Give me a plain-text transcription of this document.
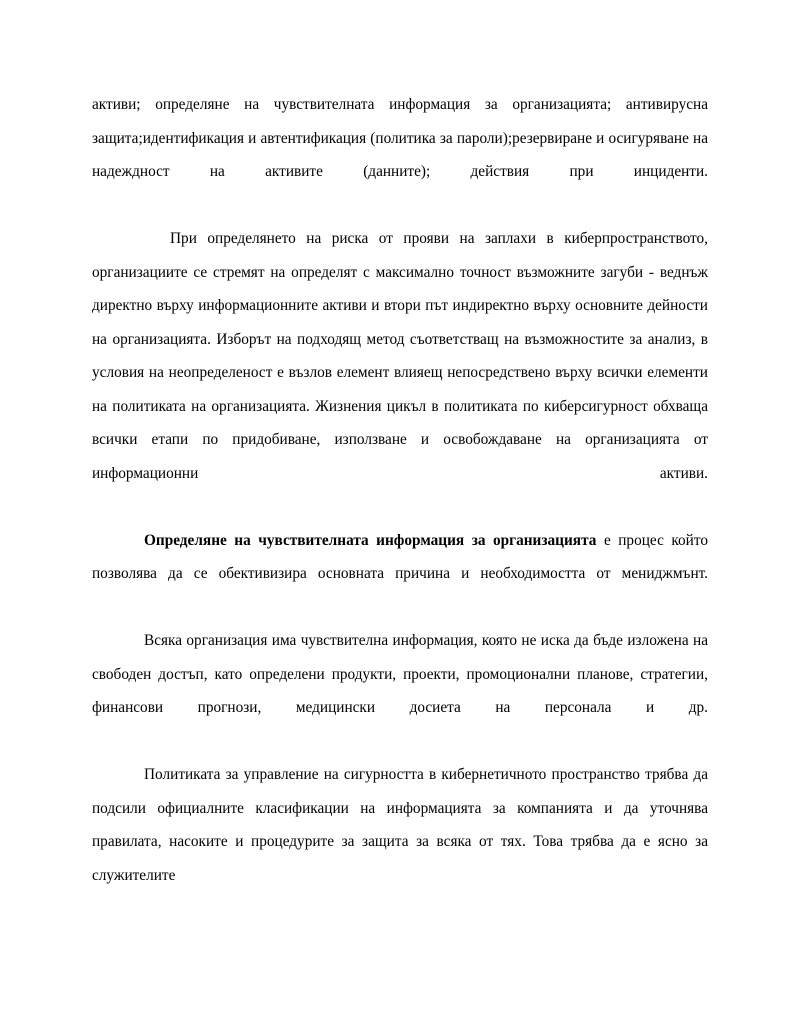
активи; определяне на чувствителната информация за организацията; антивирусна защита;идентификация и автентификация (политика за пароли);резервиране и осигуряване на надеждност на активите (данните); действия при инциденти.

При определянето на риска от прояви на заплахи в киберпространството, организациите се стремят на определят с максимално точност възможните загуби - веднъж директно върху информационните активи и втори път индиректно върху основните дейности на организацията. Изборът на подходящ метод съответстващ на възможностите за анализ, в условия на неопределеност е възлов елемент влияещ непосредствено върху всички елементи на политиката на организацията. Жизнения цикъл в политиката по киберсигурност обхваща всички етапи по придобиване, използване и освобождаване на организацията от информационни активи.

Определяне на чувствителната информация за организацията е процес който позволява да се обективизира основната причина и необходимостта от мениджмънт.

Всяка организация има чувствителна информация, която не иска да бъде изложена на свободен достъп, като определени продукти, проекти, промоционални планове, стратегии, финансови прогнози, медицински досиета на персонала и др.

Политиката за управление на сигурността в кибернетичното пространство трябва да подсили официалните класификации на информацията за компанията и да уточнява правилата, насоките и процедурите за защита за всяка от тях. Това трябва да е ясно за служителите
